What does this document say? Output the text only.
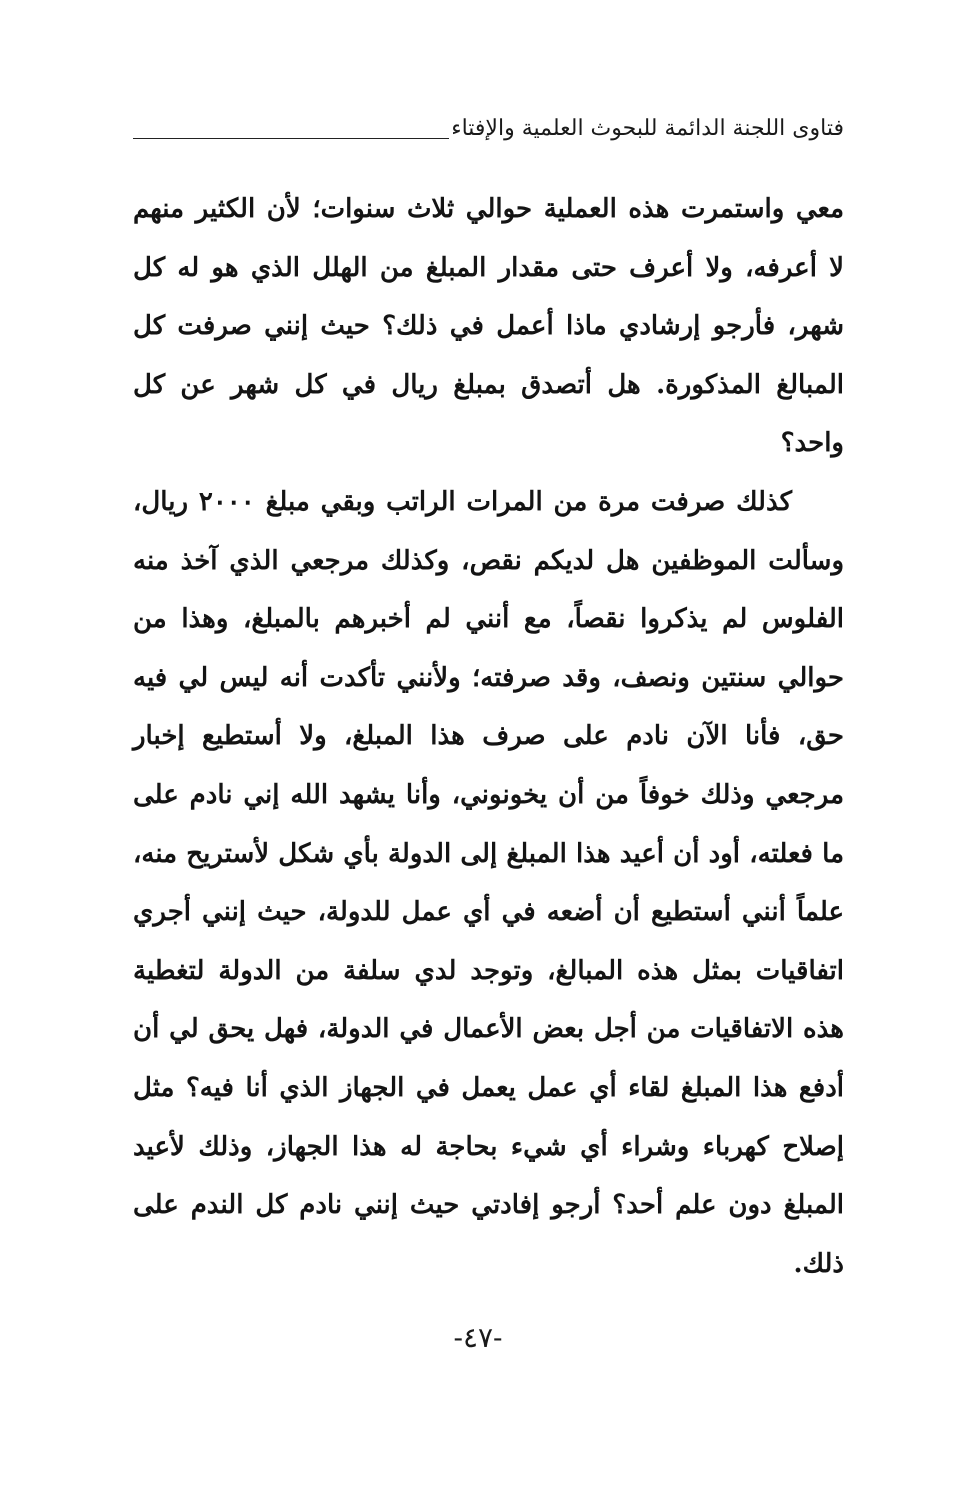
فتاوى اللجنة الدائمة للبحوث العلمية والإفتاء

معي واستمرت هذه العملية حوالي ثلاث سنوات؛ لأن الكثير منهم لا أعرفه، ولا أعرف حتى مقدار المبلغ من الهلل الذي هو له كل شهر، فأرجو إرشادي ماذا أعمل في ذلك؟ حيث إنني صرفت كل المبالغ المذكورة. هل أتصدق بمبلغ ريال في كل شهر عن كل واحد؟

كذلك صرفت مرة من المرات الراتب وبقي مبلغ ٢٠٠٠ ريال، وسألت الموظفين هل لديكم نقص، وكذلك مرجعي الذي آخذ منه الفلوس لم يذكروا نقصاً، مع أنني لم أخبرهم بالمبلغ، وهذا من حوالي سنتين ونصف، وقد صرفته؛ ولأنني تأكدت أنه ليس لي فيه حق، فأنا الآن نادم على صرف هذا المبلغ، ولا أستطيع إخبار مرجعي وذلك خوفاً من أن يخونوني، وأنا يشهد الله إني نادم على ما فعلته، أود أن أعيد هذا المبلغ إلى الدولة بأي شكل لأستريح منه، علماً أنني أستطيع أن أضعه في أي عمل للدولة، حيث إنني أجري اتفاقيات بمثل هذه المبالغ، وتوجد لدي سلفة من الدولة لتغطية هذه الاتفاقيات من أجل بعض الأعمال في الدولة، فهل يحق لي أن أدفع هذا المبلغ لقاء أي عمل يعمل في الجهاز الذي أنا فيه؟ مثل إصلاح كهرباء وشراء أي شيء بحاجة له هذا الجهاز، وذلك لأعيد المبلغ دون علم أحد؟ أرجو إفادتي حيث إنني نادم كل الندم على ذلك.

-٤٧-
